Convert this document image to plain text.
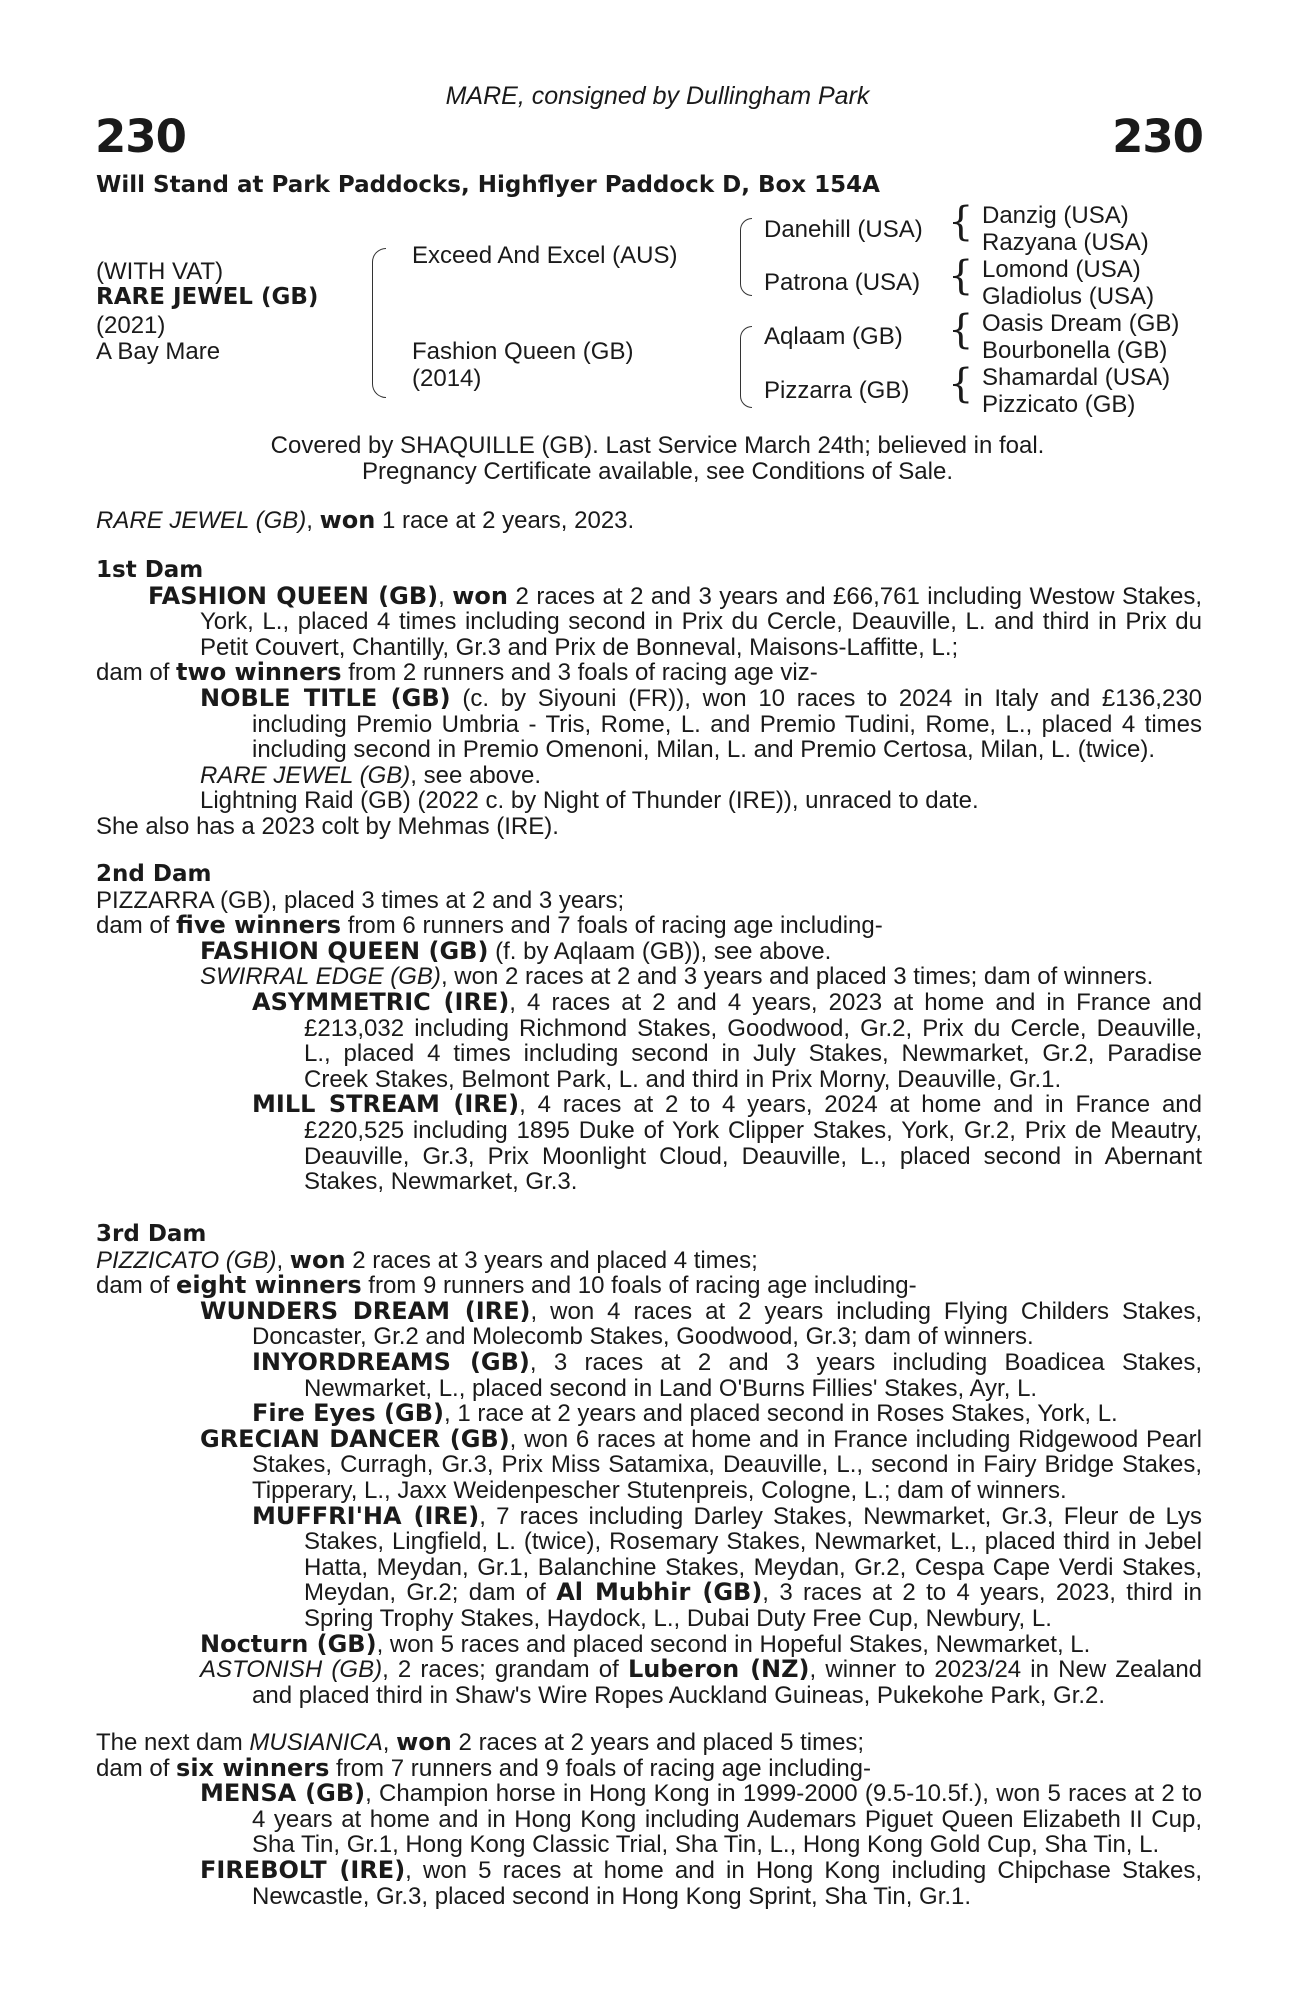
MARE, consigned by Dullingham Park
230	230
Will Stand at Park Paddocks, Highflyer Paddock D, Box 154A
(WITH VAT)
RARE JEWEL (GB)
(2021)
A Bay Mare
Exceed And Excel (AUS)
Fashion Queen (GB)
(2014)
Danehill (USA)
Patrona (USA)
Aqlaam (GB)
Pizzarra (GB)
{
{
{
{
Danzig (USA)
Razyana (USA)
Lomond (USA)
Gladiolus (USA)
Oasis Dream (GB)
Bourbonella (GB)
Shamardal (USA)
Pizzicato (GB)
Covered by SHAQUILLE (GB). Last Service March 24th; believed in foal.
Pregnancy Certificate available, see Conditions of Sale.

RARE JEWEL (GB), won 1 race at 2 years, 2023.

1st Dam

FASHION QUEEN (GB), won 2 races at 2 and 3 years and £66,761 including Westow Stakes, York, L., placed 4 times including second in Prix du Cercle, Deauville, L. and third in Prix du Petit Couvert, Chantilly, Gr.3 and Prix de Bonneval, Maisons-Laffitte, L.;

dam of two winners from 2 runners and 3 foals of racing age viz-

NOBLE TITLE (GB) (c. by Siyouni (FR)), won 10 races to 2024 in Italy and £136,230 including Premio Umbria - Tris, Rome, L. and Premio Tudini, Rome, L., placed 4 times including second in Premio Omenoni, Milan, L. and Premio Certosa, Milan, L. (twice).

RARE JEWEL (GB), see above.

Lightning Raid (GB) (2022 c. by Night of Thunder (IRE)), unraced to date.

She also has a 2023 colt by Mehmas (IRE).

2nd Dam

PIZZARRA (GB), placed 3 times at 2 and 3 years;

dam of five winners from 6 runners and 7 foals of racing age including-

FASHION QUEEN (GB) (f. by Aqlaam (GB)), see above.

SWIRRAL EDGE (GB), won 2 races at 2 and 3 years and placed 3 times; dam of winners.

ASYMMETRIC (IRE), 4 races at 2 and 4 years, 2023 at home and in France and £213,032 including Richmond Stakes, Goodwood, Gr.2, Prix du Cercle, Deauville, L., placed 4 times including second in July Stakes, Newmarket, Gr.2, Paradise Creek Stakes, Belmont Park, L. and third in Prix Morny, Deauville, Gr.1.

MILL STREAM (IRE), 4 races at 2 to 4 years, 2024 at home and in France and £220,525 including 1895 Duke of York Clipper Stakes, York, Gr.2, Prix de Meautry, Deauville, Gr.3, Prix Moonlight Cloud, Deauville, L., placed second in Abernant Stakes, Newmarket, Gr.3.

3rd Dam

PIZZICATO (GB), won 2 races at 3 years and placed 4 times;

dam of eight winners from 9 runners and 10 foals of racing age including-

WUNDERS DREAM (IRE), won 4 races at 2 years including Flying Childers Stakes, Doncaster, Gr.2 and Molecomb Stakes, Goodwood, Gr.3; dam of winners.

INYORDREAMS (GB), 3 races at 2 and 3 years including Boadicea Stakes, Newmarket, L., placed second in Land O'Burns Fillies' Stakes, Ayr, L.

Fire Eyes (GB), 1 race at 2 years and placed second in Roses Stakes, York, L.

GRECIAN DANCER (GB), won 6 races at home and in France including Ridgewood Pearl Stakes, Curragh, Gr.3, Prix Miss Satamixa, Deauville, L., second in Fairy Bridge Stakes, Tipperary, L., Jaxx Weidenpescher Stutenpreis, Cologne, L.; dam of winners.

MUFFRI'HA (IRE), 7 races including Darley Stakes, Newmarket, Gr.3, Fleur de Lys Stakes, Lingfield, L. (twice), Rosemary Stakes, Newmarket, L., placed third in Jebel Hatta, Meydan, Gr.1, Balanchine Stakes, Meydan, Gr.2, Cespa Cape Verdi Stakes, Meydan, Gr.2; dam of Al Mubhir (GB), 3 races at 2 to 4 years, 2023, third in Spring Trophy Stakes, Haydock, L., Dubai Duty Free Cup, Newbury, L.

Nocturn (GB), won 5 races and placed second in Hopeful Stakes, Newmarket, L.

ASTONISH (GB), 2 races; grandam of Luberon (NZ), winner to 2023/24 in New Zealand and placed third in Shaw's Wire Ropes Auckland Guineas, Pukekohe Park, Gr.2.

The next dam MUSIANICA, won 2 races at 2 years and placed 5 times;

dam of six winners from 7 runners and 9 foals of racing age including-

MENSA (GB), Champion horse in Hong Kong in 1999-2000 (9.5-10.5f.), won 5 races at 2 to 4 years at home and in Hong Kong including Audemars Piguet Queen Elizabeth II Cup, Sha Tin, Gr.1, Hong Kong Classic Trial, Sha Tin, L., Hong Kong Gold Cup, Sha Tin, L.

FIREBOLT (IRE), won 5 races at home and in Hong Kong including Chipchase Stakes, Newcastle, Gr.3, placed second in Hong Kong Sprint, Sha Tin, Gr.1.
